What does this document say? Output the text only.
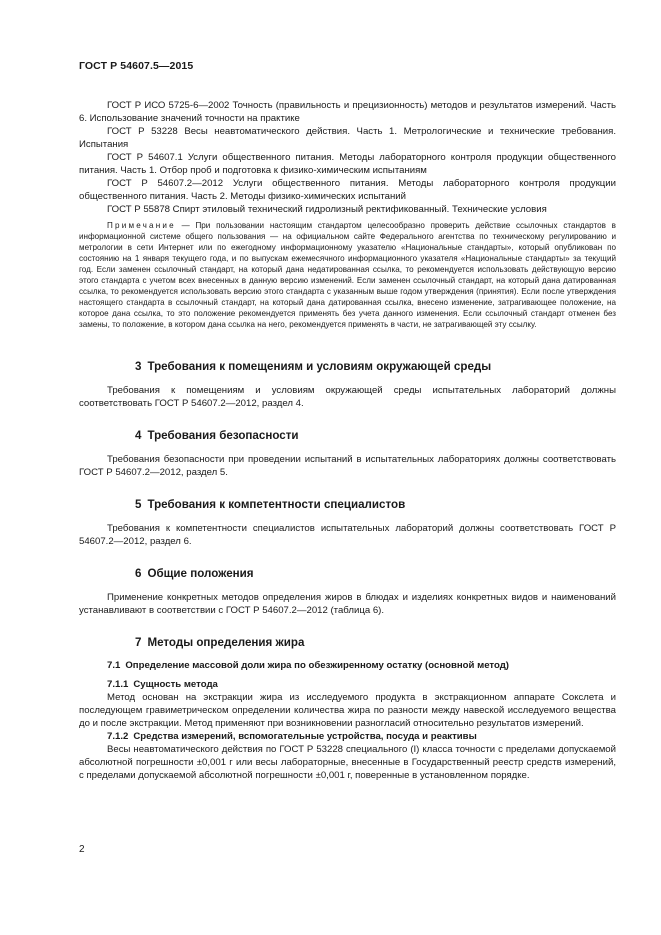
ГОСТ Р 54607.5—2015

ГОСТ Р ИСО 5725-6—2002 Точность (правильность и прецизионность) методов и результатов измерений. Часть 6. Использование значений точности на практике

ГОСТ Р 53228 Весы неавтоматического действия. Часть 1. Метрологические и технические требования. Испытания

ГОСТ Р 54607.1 Услуги общественного питания. Методы лабораторного контроля продукции общественного питания. Часть 1. Отбор проб и подготовка к физико-химическим испытаниям

ГОСТ Р 54607.2—2012 Услуги общественного питания. Методы лабораторного контроля продукции общественного питания. Часть 2. Методы физико-химических испытаний

ГОСТ Р 55878 Спирт этиловый технический гидролизный ректификованный. Технические условия

Примечание — При пользовании настоящим стандартом целесообразно проверить действие ссылочных стандартов в информационной системе общего пользования — на официальном сайте Федерального агентства по техническому регулированию и метрологии в сети Интернет или по ежегодному информационному указателю «Национальные стандарты», который опубликован по состоянию на 1 января текущего года, и по выпускам ежемесячного информационного указателя «Национальные стандарты» за текущий год. Если заменен ссылочный стандарт, на который дана недатированная ссылка, то рекомендуется использовать действующую версию этого стандарта с учетом всех внесенных в данную версию изменений. Если заменен ссылочный стандарт, на который дана датированная ссылка, то рекомендуется использовать версию этого стандарта с указанным выше годом утверждения (принятия). Если после утверждения настоящего стандарта в ссылочный стандарт, на который дана датированная ссылка, внесено изменение, затрагивающее положение, на которое дана ссылка, то это положение рекомендуется применять без учета данного изменения. Если ссылочный стандарт отменен без замены, то положение, в котором дана ссылка на него, рекомендуется применять в части, не затрагивающей эту ссылку.

3 Требования к помещениям и условиям окружающей среды

Требования к помещениям и условиям окружающей среды испытательных лабораторий должны соответствовать ГОСТ Р 54607.2—2012, раздел 4.

4 Требования безопасности

Требования безопасности при проведении испытаний в испытательных лабораториях должны соответствовать ГОСТ Р 54607.2—2012, раздел 5.

5 Требования к компетентности специалистов

Требования к компетентности специалистов испытательных лабораторий должны соответствовать ГОСТ Р 54607.2—2012, раздел 6.

6 Общие положения

Применение конкретных методов определения жиров в блюдах и изделиях конкретных видов и наименований устанавливают в соответствии с ГОСТ Р 54607.2—2012 (таблица 6).

7 Методы определения жира

7.1 Определение массовой доли жира по обезжиренному остатку (основной метод)

7.1.1 Сущность метода

Метод основан на экстракции жира из исследуемого продукта в экстракционном аппарате Сокслета и последующем гравиметрическом определении количества жира по разности между навеской исследуемого вещества до и после экстракции. Метод применяют при возникновении разногласий относительно результатов измерений.

7.1.2 Средства измерений, вспомогательные устройства, посуда и реактивы

Весы неавтоматического действия по ГОСТ Р 53228 специального (I) класса точности с пределами допускаемой абсолютной погрешности ±0,001 г или весы лабораторные, внесенные в Государственный реестр средств измерений, с пределами допускаемой абсолютной погрешности ±0,001 г, поверенные в установленном порядке.

2
